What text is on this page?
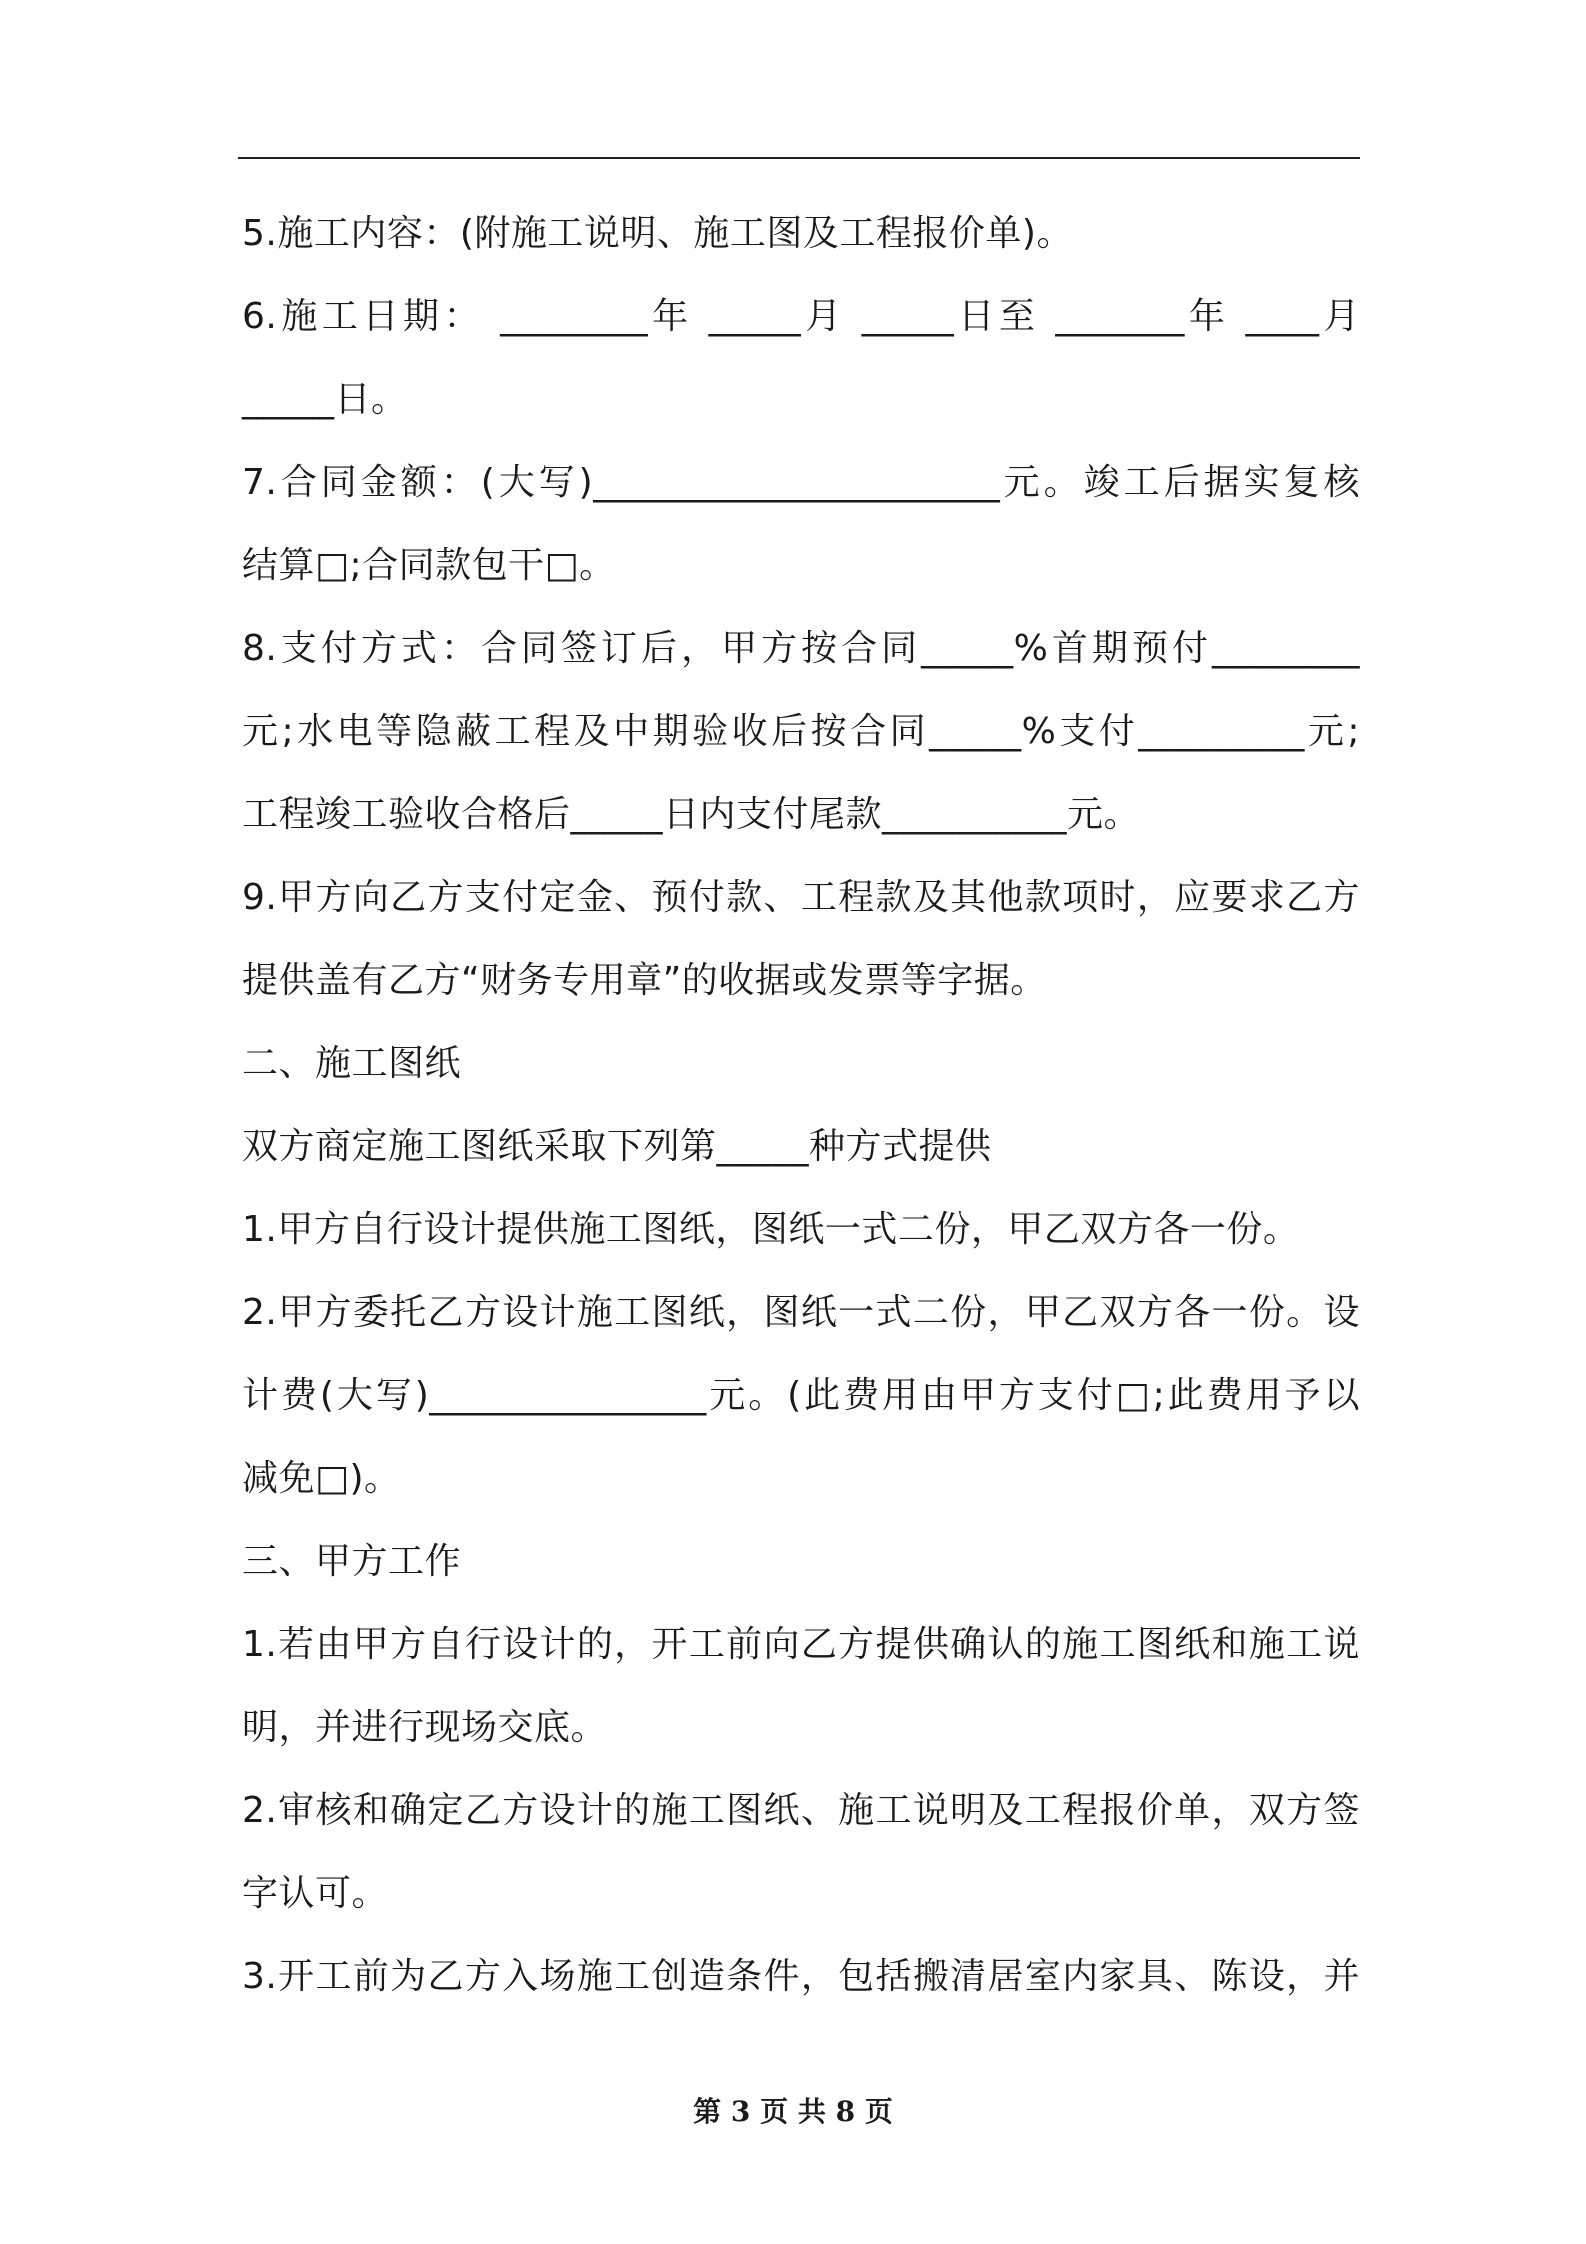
5.施工内容：(附施工说明、施工图及工程报价单)。
6.施工日期： ________年 _____月 _____日至 _______年 ____月
_____日。
7.合同金额：(大写)______________________元。竣工后据实复核
结算□;合同款包干□。
8.支付方式：合同签订后，甲方按合同_____%首期预付________
元;水电等隐蔽工程及中期验收后按合同_____%支付_________元;
工程竣工验收合格后_____日内支付尾款__________元。
9.甲方向乙方支付定金、预付款、工程款及其他款项时，应要求乙方
提供盖有乙方“财务专用章”的收据或发票等字据。
二、施工图纸
双方商定施工图纸采取下列第_____种方式提供
1.甲方自行设计提供施工图纸，图纸一式二份，甲乙双方各一份。
2.甲方委托乙方设计施工图纸，图纸一式二份，甲乙双方各一份。设
计费(大写)_______________元。(此费用由甲方支付□;此费用予以
减免□)。
三、甲方工作
1.若由甲方自行设计的，开工前向乙方提供确认的施工图纸和施工说
明，并进行现场交底。
2.审核和确定乙方设计的施工图纸、施工说明及工程报价单，双方签
字认可。
3.开工前为乙方入场施工创造条件，包括搬清居室内家具、陈设，并
第 3 页 共 8 页
